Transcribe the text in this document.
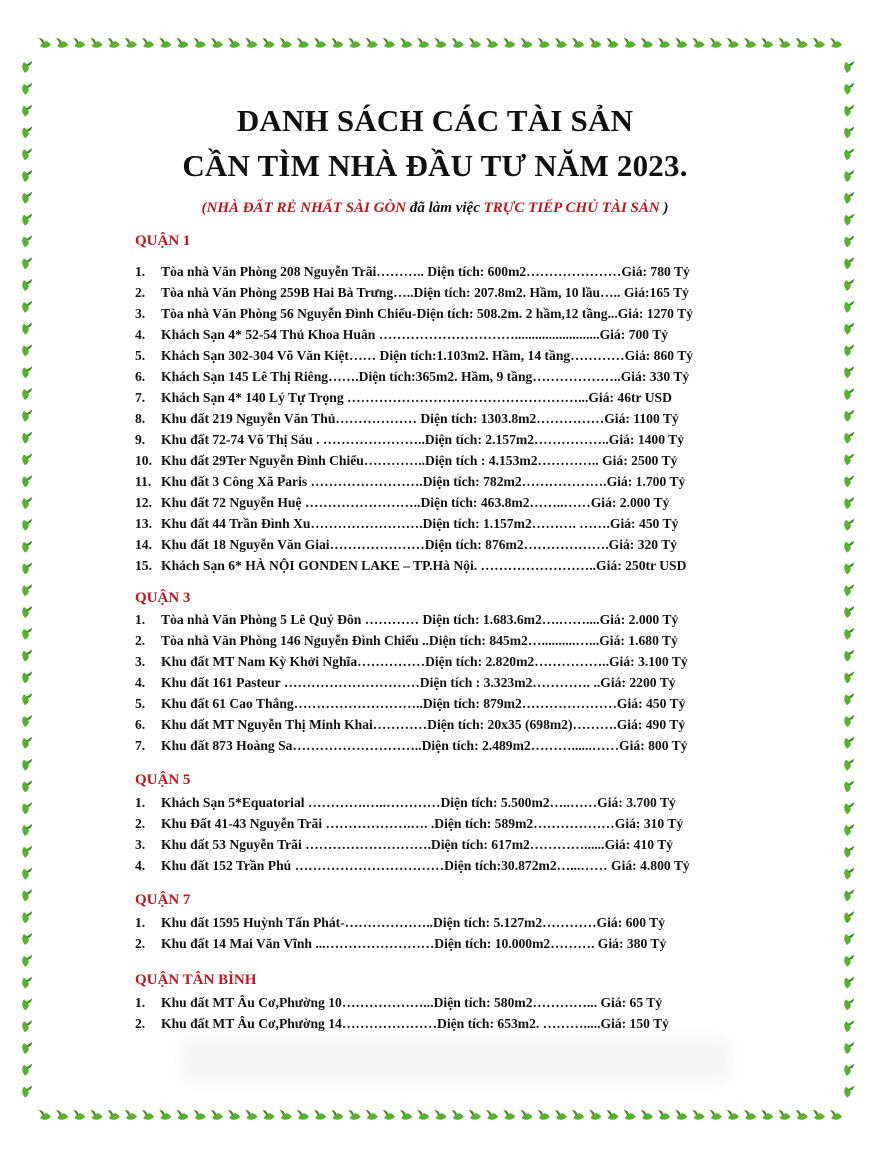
DANH SÁCH CÁC TÀI SẢN
CẦN TÌM NHÀ ĐẦU TƯ NĂM 2023.
(NHÀ ĐẤT RẺ NHẤT SÀI GÒN đã làm việc TRỰC TIẾP CHỦ TÀI SẢN )
QUẬN 1
1. Tòa nhà Văn Phòng 208 Nguyễn Trãi……….. Diện tích: 600m2…………………Giá: 780 Tỷ
2. Tòa nhà Văn Phòng 259B Hai Bà Trưng…..Diện tích: 207.8m2. Hầm, 10 lầu….. Giá:165 Tỷ
3. Tòa nhà Văn Phòng 56 Nguyễn Đình Chiểu-Diện tích: 508.2m. 2 hầm,12 tầng...Giá: 1270 Tỷ
4. Khách Sạn 4* 52-54 Thủ Khoa Huân ………………………….........................Giá: 700 Tỷ
5. Khách Sạn 302-304 Võ Văn Kiệt…… Diện tích:1.103m2. Hầm, 14 tầng…………Giá: 860 Tỷ
6. Khách Sạn 145 Lê Thị Riêng…….Diện tích:365m2. Hầm, 9 tầng………………..Giá: 330 Tỷ
7. Khách Sạn 4* 140 Lý Tự Trọng ……………………………………………...Giá: 46tr USD
8. Khu đất 219 Nguyễn Văn Thủ……………… Diện tích: 1303.8m2……………Giá: 1100 Tỷ
9. Khu đất 72-74 Võ Thị Sáu . …………………..Diện tích: 2.157m2……………..Giá: 1400 Tỷ
10. Khu đất 29Ter Nguyễn Đình Chiểu…………..Diện tích : 4.153m2………….. Giá: 2500 Tỷ
11. Khu đất 3 Công Xã Paris …………………….Diện tích: 782m2……………….Giá: 1.700 Tỷ
12. Khu đất 72 Nguyễn Huệ ……………………..Diện tích: 463.8m2……..……Giá: 2.000 Tỷ
13. Khu đất 44 Trần Đình Xu…………………….Diện tích: 1.157m2………. …….Giá: 450 Tỷ
14. Khu đất 18 Nguyễn Văn Giai…………………Diện tích: 876m2……………….Giá: 320 Tỷ
15. Khách Sạn 6* HÀ NỘI GONDEN LAKE – TP.Hà Nội. ……………………..Giá: 250tr USD
QUẬN 3
1. Tòa nhà Văn Phòng 5 Lê Quý Đôn ………… Diện tích: 1.683.6m2….……....Giá: 2.000 Tỷ
2. Tòa nhà Văn Phòng 146 Nguyễn Đình Chiểu ..Diện tích: 845m2…..........…...Giá: 1.680 Tỷ
3. Khu đất MT Nam Kỳ Khởi Nghĩa……………Diện tích: 2.820m2……………..Giá: 3.100 Tỷ
4. Khu đất 161 Pasteur …………………………Diện tích : 3.323m2…………. ..Giá: 2200 Tỷ
5. Khu đất 61 Cao Thắng………………………..Diện tích: 879m2…………………Giá: 450 Tỷ
6. Khu đất MT Nguyễn Thị Minh Khai…………Diện tích: 20x35 (698m2)……….Giá: 490 Tỷ
7. Khu đất 873 Hoàng Sa………………………..Diện tích: 2.489m2………......……Giá: 800 Tỷ
QUẬN 5
1. Khách Sạn 5*Equatorial ………….…..…………Diện tích: 5.500m2…..……Giá: 3.700 Tỷ
2. Khu Đất 41-43 Nguyễn Trãi ……………….…. .Diện tích: 589m2………………Giá: 310 Tỷ
3. Khu đất 53 Nguyễn Trãi ……………………….Diện tích: 617m2…………......Giá: 410 Tỷ
4. Khu đất 152 Trần Phú ……………………………Diện tích:30.872m2…...…… Giá: 4.800 Tỷ
QUẬN 7
1. Khu đất 1595 Huỳnh Tấn Phát-………………..Diện tích: 5.127m2…………Giá: 600 Tỷ
2. Khu đất 14 Mai Văn Vĩnh ...……………………Diện tích: 10.000m2………. Giá: 380 Tỷ
QUẬN TÂN BÌNH
1. Khu đất MT Âu Cơ,Phường 10………………...Diện tích: 580m2…………... Giá: 65 Tỷ
2. Khu đất MT Âu Cơ,Phường 14…………………Diện tích: 653m2. ……….....Giá: 150 Tỷ
